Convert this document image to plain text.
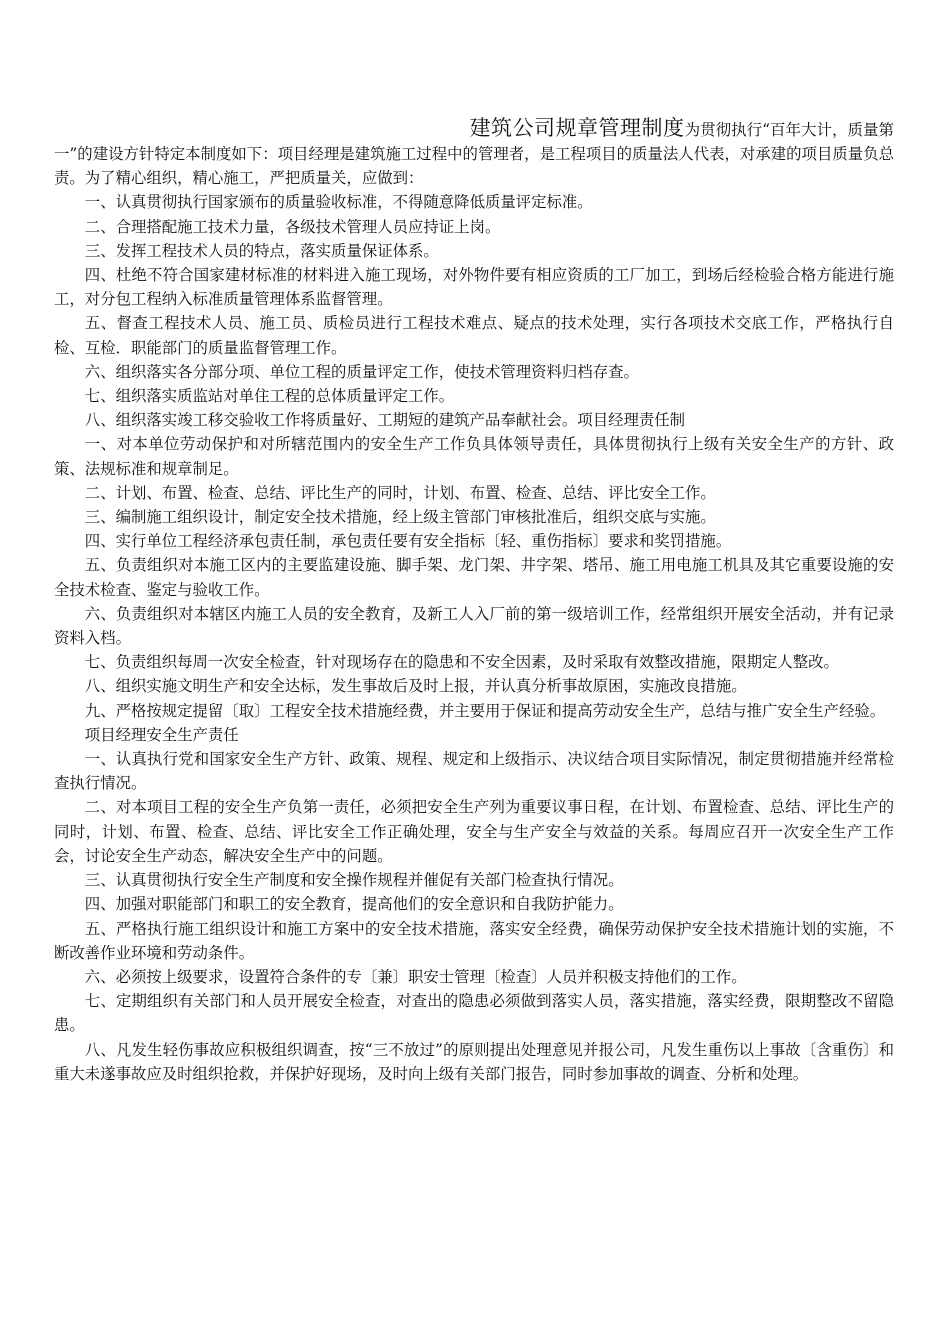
建筑公司规章管理制度为贯彻执行“百年大计，质量第

一”的建设方针特定本制度如下：项目经理是建筑施工过程中的管理者，是工程项目的质量法人代表，对承建的项目质量负总责。为了精心组织，精心施工，严把质量关，应做到：

一、认真贯彻执行国家颁布的质量验收标准，不得随意降低质量评定标准。

二、合理搭配施工技术力量，各级技术管理人员应持证上岗。

三、发挥工程技术人员的特点，落实质量保证体系。

四、杜绝不符合国家建材标准的材料进入施工现场，对外物件要有相应资质的工厂加工，到场后经检验合格方能进行施工，对分包工程纳入标准质量管理体系监督管理。

五、督查工程技术人员、施工员、质检员进行工程技术难点、疑点的技术处理，实行各项技术交底工作，严格执行自检、互检．职能部门的质量监督管理工作。

六、组织落实各分部分项、单位工程的质量评定工作，使技术管理资料归档存查。

七、组织落实质监站对单住工程的总体质量评定工作。

八、组织落实竣工移交验收工作将质量好、工期短的建筑产品奉献社会。项目经理责任制

一、对本单位劳动保护和对所辖范围内的安全生产工作负具体领导责任，具体贯彻执行上级有关安全生产的方针、政策、法规标准和规章制足。

二、计划、布置、检查、总结、评比生产的同时，计划、布置、检查、总结、评比安全工作。

三、编制施工组织设计，制定安全技术措施，经上级主管部门审核批准后，组织交底与实施。

四、实行单位工程经济承包责任制，承包责任要有安全指标〔轻、重伤指标〕要求和奖罚措施。

五、负责组织对本施工区内的主要监建设施、脚手架、龙门架、井字架、塔吊、施工用电施工机具及其它重要设施的安全技术检查、鉴定与验收工作。

六、负责组织对本辖区内施工人员的安全教育，及新工人入厂前的第一级培训工作，经常组织开展安全活动，并有记录资料入档。

七、负责组织每周一次安全检查，针对现场存在的隐患和不安全因素，及时采取有效整改措施，限期定人整改。

八、组织实施文明生产和安全达标，发生事故后及时上报，并认真分析事故原困，实施改良措施。

九、严格按规定提留〔取〕工程安全技术措施经费，并主要用于保证和提高劳动安全生产，总结与推广安全生产经验。

项目经理安全生产责任

一、认真执行党和国家安全生产方针、政策、规程、规定和上级指示、决议结合项目实际情况，制定贯彻措施并经常检查执行情况。

二、对本项目工程的安全生产负第一责任，必须把安全生产列为重要议事日程，在计划、布置检查、总结、评比生产的同时，计划、布置、检查、总结、评比安全工作正确处理，安全与生产安全与效益的关系。每周应召开一次安全生产工作会，讨论安全生产动态，解决安全生产中的问题。

三、认真贯彻执行安全生产制度和安全操作规程并催促有关部门检查执行情况。

四、加强对职能部门和职工的安全教育，提高他们的安全意识和自我防护能力。

五、严格执行施工组织设计和施工方案中的安全技术措施，落实安全经费，确保劳动保护安全技术措施计划的实施，不断改善作业环境和劳动条件。

六、必须按上级要求，设置符合条件的专〔兼〕职安士管理〔检查〕人员并积极支持他们的工作。

七、定期组织有关部门和人员开展安全检查，对查出的隐患必须做到落实人员，落实措施，落实经费，限期整改不留隐患。

八、凡发生轻伤事故应积极组织调查，按“三不放过”的原则提出处理意见并报公司，凡发生重伤以上事故〔含重伤〕和重大未遂事故应及时组织抢救，并保护好现场，及时向上级有关部门报告，同时参加事故的调查、分析和处理。
